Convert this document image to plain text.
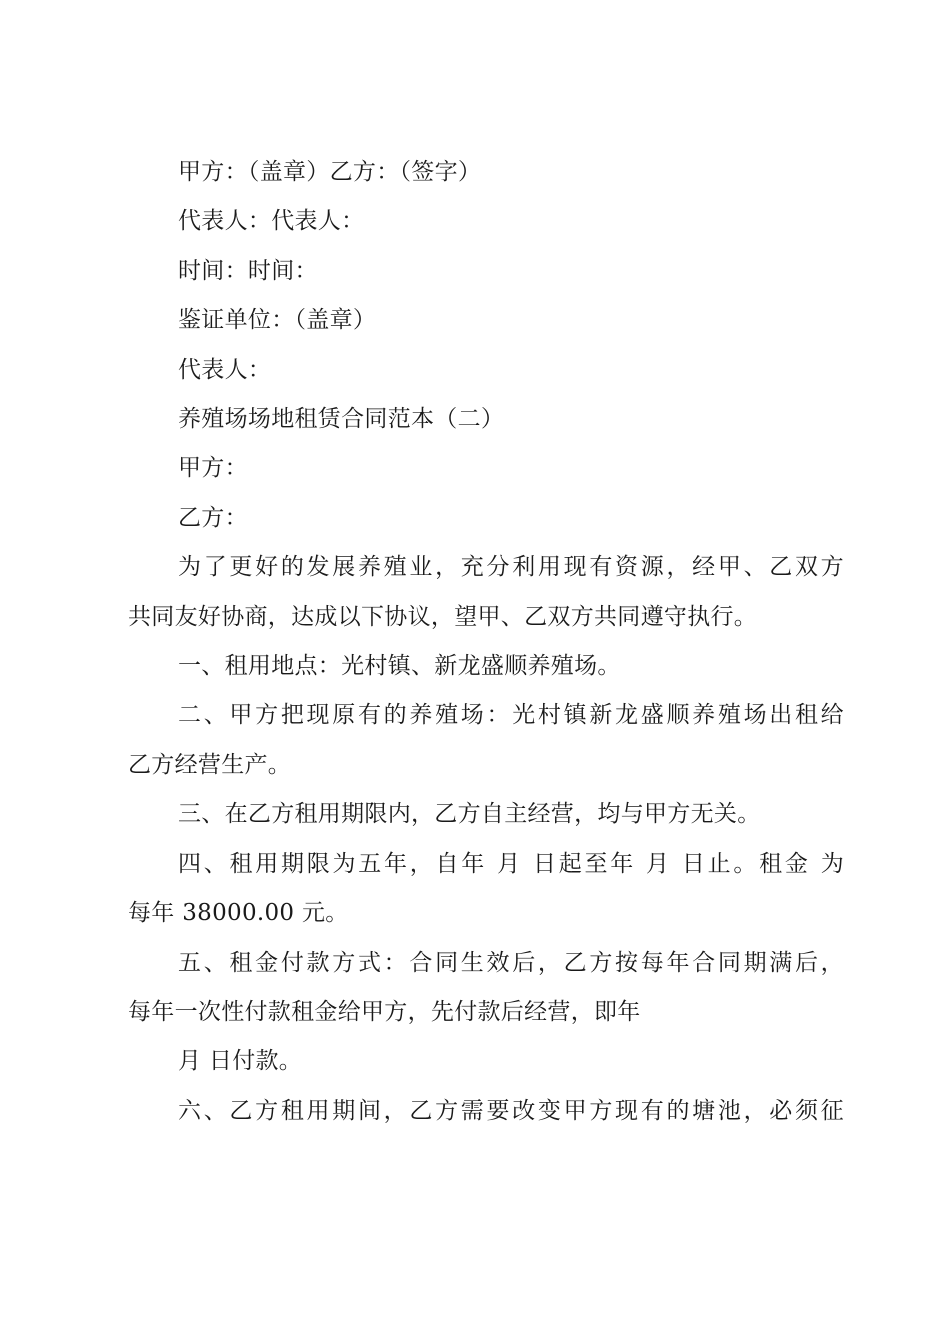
甲方：（盖章）乙方：（签字）

代表人：代表人：

时间：时间：

鉴证单位：（盖章）

代表人：

养殖场场地租赁合同范本（二）

甲方：

乙方：

为了更好的发展养殖业，充分利用现有资源，经甲、乙双方

共同友好协商，达成以下协议，望甲、乙双方共同遵守执行。

一、租用地点：光村镇、新龙盛顺养殖场。

二、甲方把现原有的养殖场：光村镇新龙盛顺养殖场出租给

乙方经营生产。

三、在乙方租用期限内，乙方自主经营，均与甲方无关。

四、租用期限为五年，自年 月 日起至年 月 日止。租金 为

每年 38000.00 元。

五、租金付款方式：合同生效后，乙方按每年合同期满后，

每年一次性付款租金给甲方，先付款后经营，即年

月 日付款。

六、乙方租用期间，乙方需要改变甲方现有的塘池，必须征
